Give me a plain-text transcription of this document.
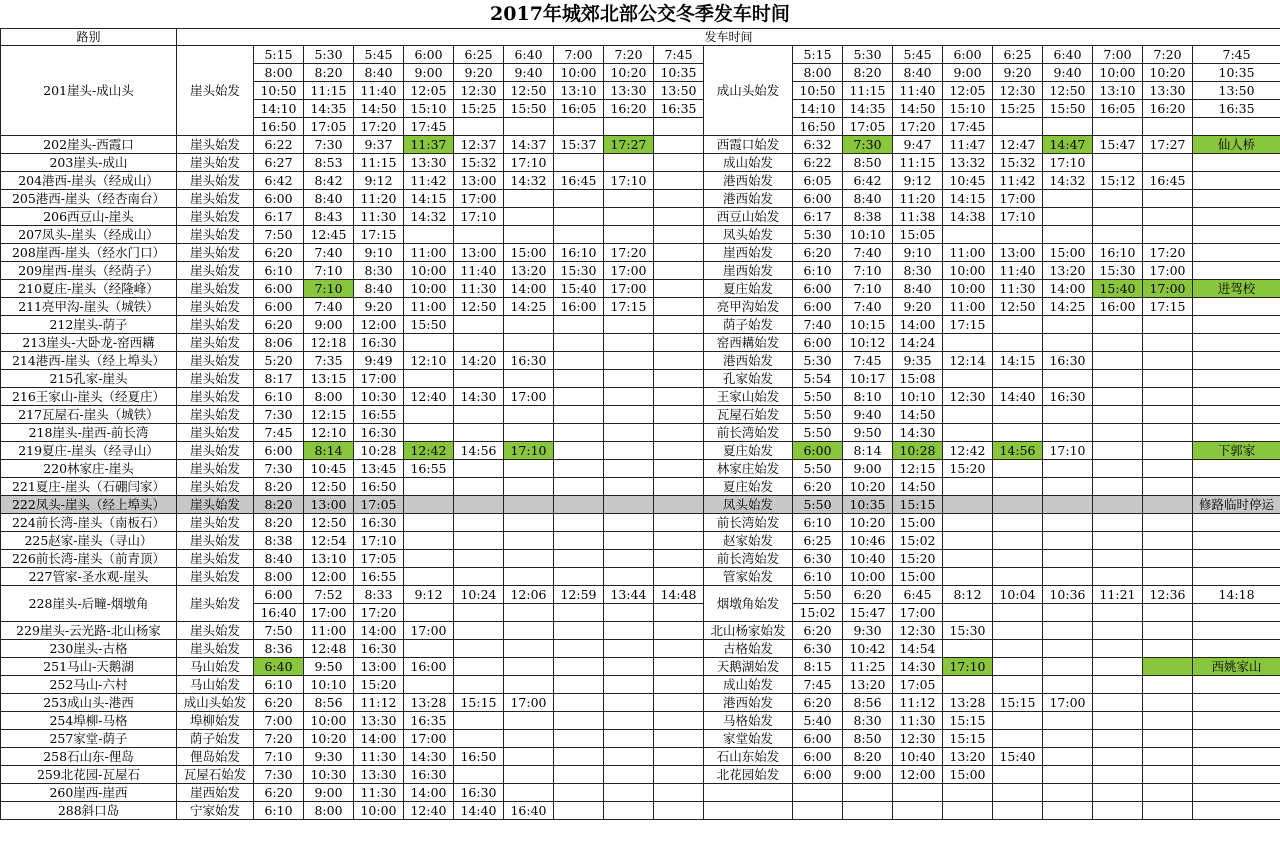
2017年城郊北部公交冬季发车时间
路别	发车时间																			
201崖头-成山头	崖头始发	5:15	5:30	5:45	6:00	6:25	6:40	7:00	7:20	7:45	成山头始发	5:15	5:30	5:45	6:00	6:25	6:40	7:00	7:20	7:45
		8:00	8:20	8:40	9:00	9:20	9:40	10:00	10:20	10:35		8:00	8:20	8:40	9:00	9:20	9:40	10:00	10:20	10:35
		10:50	11:15	11:40	12:05	12:30	12:50	13:10	13:30	13:50		10:50	11:15	11:40	12:05	12:30	12:50	13:10	13:30	13:50
		14:10	14:35	14:50	15:10	15:25	15:50	16:05	16:20	16:35		14:10	14:35	14:50	15:10	15:25	15:50	16:05	16:20	16:35
		16:50	17:05	17:20	17:45							16:50	17:05	17:20	17:45					
202崖头-西霞口	崖头始发	6:22	7:30	9:37	11:37	12:37	14:37	15:37	17:27		西霞口始发	6:32	7:30	9:47	11:47	12:47	14:47	15:47	17:27	仙人桥
203崖头-成山	崖头始发	6:27	8:53	11:15	13:30	15:32	17:10				成山始发	6:22	8:50	11:15	13:32	15:32	17:10			
204港西-崖头（经成山）	崖头始发	6:42	8:42	9:12	11:42	13:00	14:32	16:45	17:10		港西始发	6:05	6:42	9:12	10:45	11:42	14:32	15:12	16:45	
205港西-崖头（经杏南台）	崖头始发	6:00	8:40	11:20	14:15	17:00					港西始发	6:00	8:40	11:20	14:15	17:00				
206西豆山-崖头	崖头始发	6:17	8:43	11:30	14:32	17:10					西豆山始发	6:17	8:38	11:38	14:38	17:10				
207凤头-崖头（经成山）	崖头始发	7:50	12:45	17:15							凤头始发	5:30	10:10	15:05						
208崖西-崖头（经水门口）	崖头始发	6:20	7:40	9:10	11:00	13:00	15:00	16:10	17:20		崖西始发	6:20	7:40	9:10	11:00	13:00	15:00	16:10	17:20	
209崖西-崖头（经荫子）	崖头始发	6:10	7:10	8:30	10:00	11:40	13:20	15:30	17:00		崖西始发	6:10	7:10	8:30	10:00	11:40	13:20	15:30	17:00	
210夏庄-崖头（经隆峰）	崖头始发	6:00	7:10	8:40	10:00	11:30	14:00	15:40	17:00		夏庄始发	6:00	7:10	8:40	10:00	11:30	14:00	15:40	17:00	进驾校
211亮甲沟-崖头（城铁）	崖头始发	6:00	7:40	9:20	11:00	12:50	14:25	16:00	17:15		亮甲沟始发	6:00	7:40	9:20	11:00	12:50	14:25	16:00	17:15	
212崖头-荫子	崖头始发	6:20	9:00	12:00	15:50						荫子始发	7:40	10:15	14:00	17:15					
213崖头-大卧龙-窑西耩	崖头始发	8:06	12:18	16:30							窑西耩始发	6:00	10:12	14:24						
214港西-崖头（经上埠头）	崖头始发	5:20	7:35	9:49	12:10	14:20	16:30				港西始发	5:30	7:45	9:35	12:14	14:15	16:30			
215孔家-崖头	崖头始发	8:17	13:15	17:00							孔家始发	5:54	10:17	15:08						
216王家山-崖头（经夏庄）	崖头始发	6:10	8:00	10:30	12:40	14:30	17:00				王家山始发	5:50	8:10	10:10	12:30	14:40	16:30			
217瓦屋石-崖头（城铁）	崖头始发	7:30	12:15	16:55							瓦屋石始发	5:50	9:40	14:50						
218崖头-崖西-前长湾	崖头始发	7:45	12:10	16:30							前长湾始发	5:50	9:50	14:30						
219夏庄-崖头（经寻山）	崖头始发	6:00	8:14	10:28	12:42	14:56	17:10				夏庄始发	6:00	8:14	10:28	12:42	14:56	17:10			下郭家
220林家庄-崖头	崖头始发	7:30	10:45	13:45	16:55						林家庄始发	5:50	9:00	12:15	15:20					
221夏庄-崖头（石硼闫家）	崖头始发	8:20	12:50	16:50							夏庄始发	6:20	10:20	14:50						
222凤头-崖头（经上埠头）	崖头始发	8:20	13:00	17:05							凤头始发	5:50	10:35	15:15						修路临时停运
224前长湾-崖头（南板石）	崖头始发	8:20	12:50	16:30							前长湾始发	6:10	10:20	15:00						
225赵家-崖头（寻山）	崖头始发	8:38	12:54	17:10							赵家始发	6:25	10:46	15:02						
226前长湾-崖头（前青顶）	崖头始发	8:40	13:10	17:05							前长湾始发	6:30	10:40	15:20						
227管家-圣水观-崖头	崖头始发	8:00	12:00	16:55							管家始发	6:10	10:00	15:00						
228崖头-后疃-烟墩角	崖头始发	6:00	7:52	8:33	9:12	10:24	12:06	12:59	13:44	14:48	烟墩角始发	5:50	6:20	6:45	8:12	10:04	10:36	11:21	12:36	14:18
		16:40	17:00	17:20								15:02	15:47	17:00						
229崖头-云光路-北山杨家	崖头始发	7:50	11:00	14:00	17:00						北山杨家始发	6:20	9:30	12:30	15:30					
230崖头-古格	崖头始发	8:36	12:48	16:30							古格始发	6:30	10:42	14:54						
251马山-天鹅湖	马山始发	6:40	9:50	13:00	16:00						天鹅湖始发	8:15	11:25	14:30	17:10					西姚家山
252马山-六村	马山始发	6:10	10:10	15:20							成山始发	7:45	13:20	17:05						
253成山头-港西	成山头始发	6:20	8:56	11:12	13:28	15:15	17:00				港西始发	6:20	8:56	11:12	13:28	15:15	17:00			
254埠柳-马格	埠柳始发	7:00	10:00	13:30	16:35						马格始发	5:40	8:30	11:30	15:15					
257家堂-荫子	荫子始发	7:20	10:20	14:00	17:00						家堂始发	6:00	8:50	12:30	15:15					
258石山东-俚岛	俚岛始发	7:10	9:30	11:30	14:30	16:50					石山东始发	6:00	8:20	10:40	13:20	15:40				
259北花园-瓦屋石	瓦屋石始发	7:30	10:30	13:30	16:30						北花园始发	6:00	9:00	12:00	15:00					
260崖西-崖西	崖西始发	6:20	9:00	11:30	14:00	16:30														
288斜口岛	宁家始发	6:10	8:00	10:00	12:40	14:40	16:40													
